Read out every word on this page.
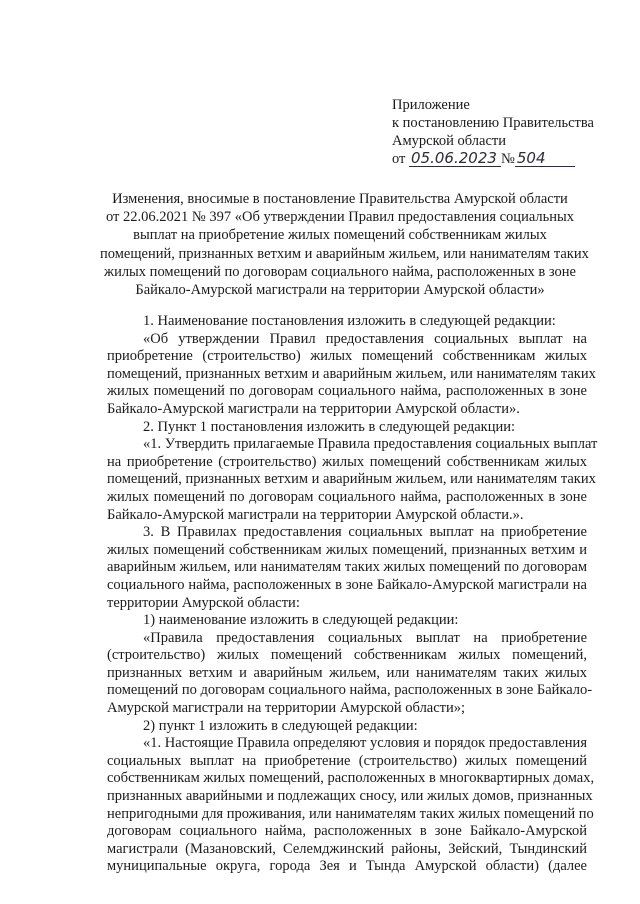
Приложение
к постановлению Правительства
Амурской области
от
05.06.2023 № 504
Изменения, вносимые в постановление Правительства Амурской области
от 22.06.2021 № 397 «Об утверждении Правил предоставления социальных
выплат на приобретение жилых помещений собственникам жилых
помещений, признанных ветхим и аварийным жильем, или нанимателям таких
жилых помещений по договорам социального найма, расположенных в зоне
Байкало-Амурской магистрали на территории Амурской области»
1. Наименование постановления изложить в следующей редакции:
«Об утверждении Правил предоставления социальных выплат на
приобретение (строительство) жилых помещений собственникам жилых
помещений, признанных ветхим и аварийным жильем, или нанимателям таких
жилых помещений по договорам социального найма, расположенных в зоне
Байкало-Амурской магистрали на территории Амурской области».
2. Пункт 1 постановления изложить в следующей редакции:
«1. Утвердить прилагаемые Правила предоставления социальных выплат
на приобретение (строительство) жилых помещений собственникам жилых
помещений, признанных ветхим и аварийным жильем, или нанимателям таких
жилых помещений по договорам социального найма, расположенных в зоне
Байкало-Амурской магистрали на территории Амурской области.».
3. В Правилах предоставления социальных выплат на приобретение
жилых помещений собственникам жилых помещений, признанных ветхим и
аварийным жильем, или нанимателям таких жилых помещений по договорам
социального найма, расположенных в зоне Байкало-Амурской магистрали на
территории Амурской области:
1) наименование изложить в следующей редакции:
«Правила предоставления социальных выплат на приобретение
(строительство) жилых помещений собственникам жилых помещений,
признанных ветхим и аварийным жильем, или нанимателям таких жилых
помещений по договорам социального найма, расположенных в зоне Байкало-
Амурской магистрали на территории Амурской области»;
2) пункт 1 изложить в следующей редакции:
«1. Настоящие Правила определяют условия и порядок предоставления
социальных выплат на приобретение (строительство) жилых помещений
собственникам жилых помещений, расположенных в многоквартирных домах,
признанных аварийными и подлежащих сносу, или жилых домов, признанных
непригодными для проживания, или нанимателям таких жилых помещений по
договорам социального найма, расположенных в зоне Байкало-Амурской
магистрали (Мазановский, Селемджинский районы, Зейский, Тындинский
муниципальные округа, города Зея и Тында Амурской области) (далее
